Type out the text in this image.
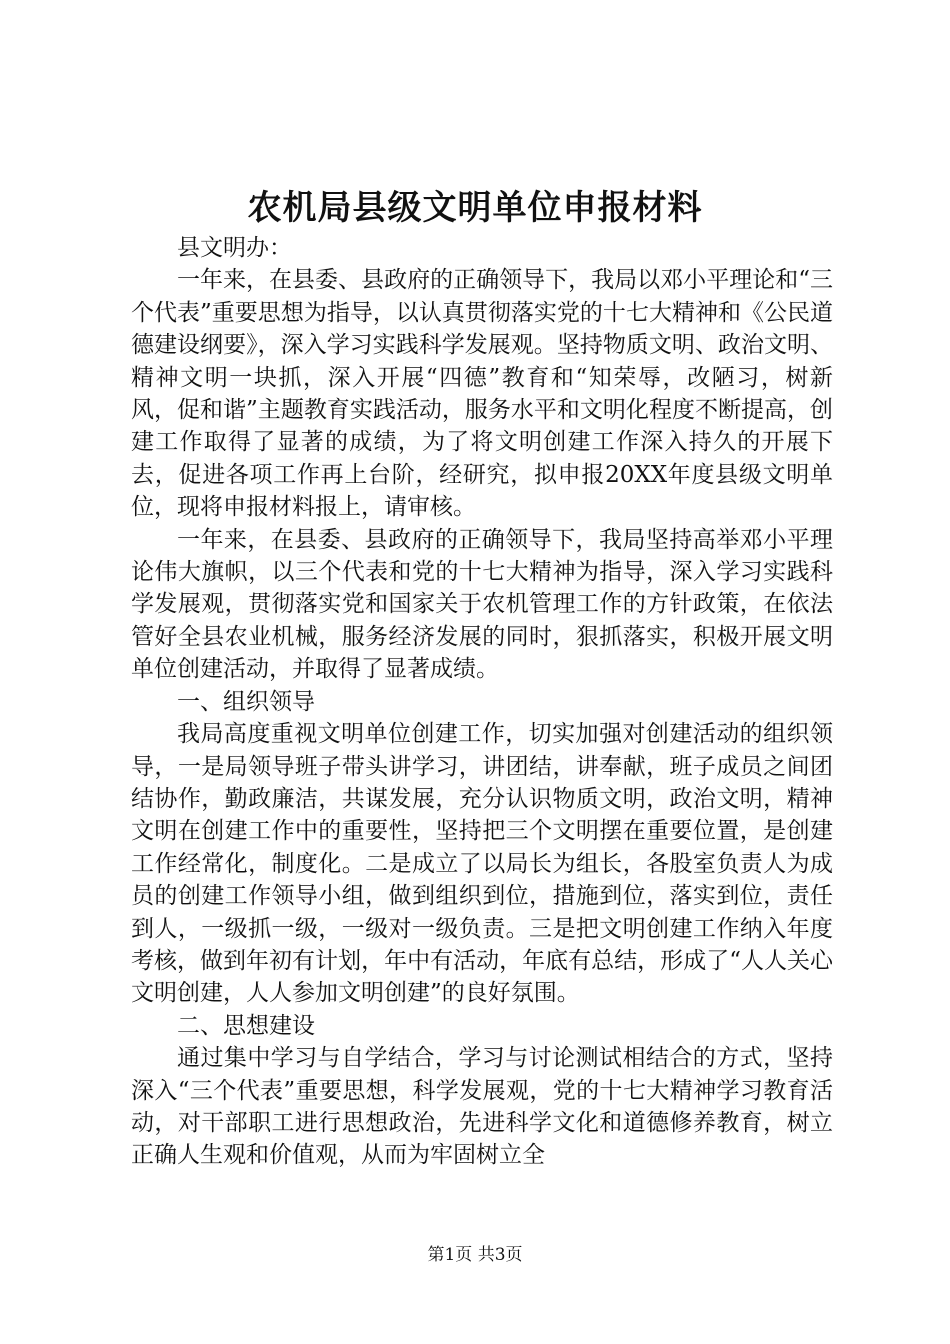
农机局县级文明单位申报材料

县文明办：

一年来，在县委、县政府的正确领导下，我局以邓小平理论和“三个代表”重要思想为指导，以认真贯彻落实党的十七大精神和《公民道德建设纲要》，深入学习实践科学发展观。坚持物质文明、政治文明、精神文明一块抓，深入开展“四德”教育和“知荣辱，改陋习，树新风，促和谐”主题教育实践活动，服务水平和文明化程度不断提高，创建工作取得了显著的成绩，为了将文明创建工作深入持久的开展下去，促进各项工作再上台阶，经研究，拟申报20XX年度县级文明单位，现将申报材料报上，请审核。

一年来，在县委、县政府的正确领导下，我局坚持高举邓小平理论伟大旗帜，以三个代表和党的十七大精神为指导，深入学习实践科学发展观，贯彻落实党和国家关于农机管理工作的方针政策，在依法管好全县农业机械，服务经济发展的同时，狠抓落实，积极开展文明单位创建活动，并取得了显著成绩。

一、组织领导

我局高度重视文明单位创建工作，切实加强对创建活动的组织领导，一是局领导班子带头讲学习，讲团结，讲奉献，班子成员之间团结协作，勤政廉洁，共谋发展，充分认识物质文明，政治文明，精神文明在创建工作中的重要性，坚持把三个文明摆在重要位置，是创建工作经常化，制度化。二是成立了以局长为组长，各股室负责人为成员的创建工作领导小组，做到组织到位，措施到位，落实到位，责任到人，一级抓一级，一级对一级负责。三是把文明创建工作纳入年度考核，做到年初有计划，年中有活动，年底有总结，形成了“人人关心文明创建，人人参加文明创建”的良好氛围。

二、思想建设

通过集中学习与自学结合，学习与讨论测试相结合的方式，坚持深入“三个代表”重要思想，科学发展观，党的十七大精神学习教育活动，对干部职工进行思想政治，先进科学文化和道德修养教育，树立正确人生观和价值观，从而为牢固树立全

第1页 共3页
